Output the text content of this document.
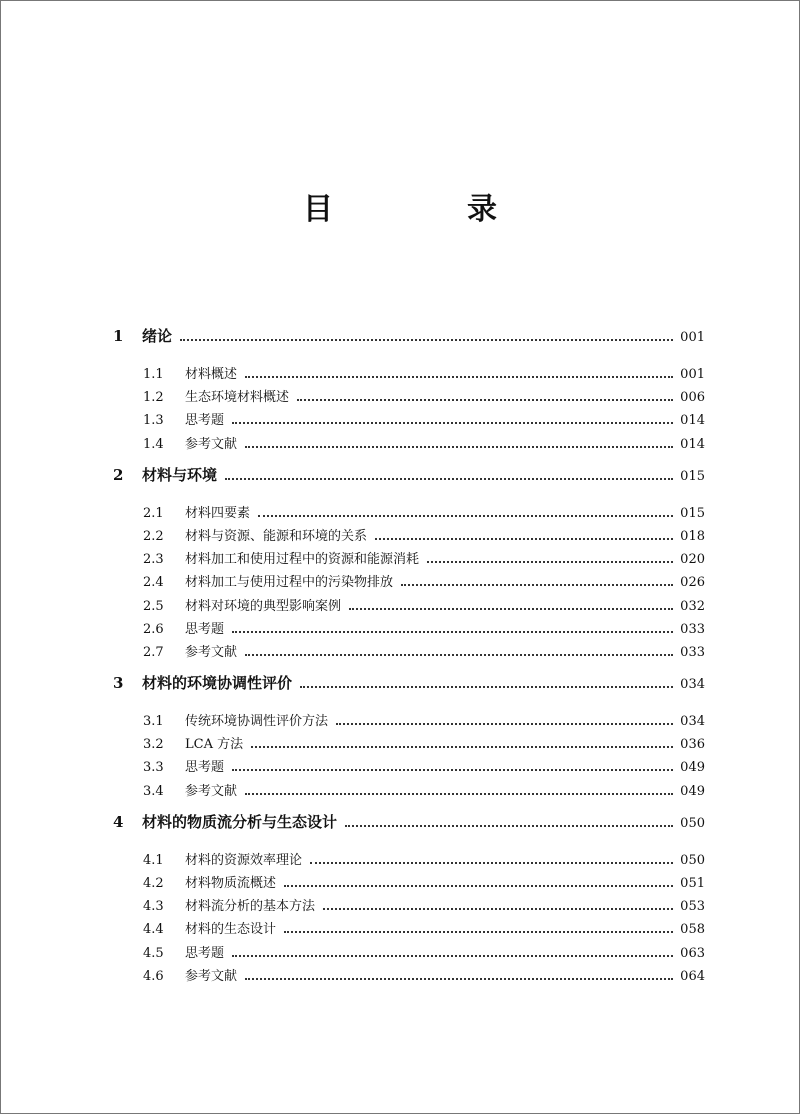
目　录
1	绪论	001
1.1	材料概述	001
1.2	生态环境材料概述	006
1.3	思考题	014
1.4	参考文献	014
2	材料与环境	015
2.1	材料四要素	015
2.2	材料与资源、能源和环境的关系	018
2.3	材料加工和使用过程中的资源和能源消耗	020
2.4	材料加工与使用过程中的污染物排放	026
2.5	材料对环境的典型影响案例	032
2.6	思考题	033
2.7	参考文献	033
3	材料的环境协调性评价	034
3.1	传统环境协调性评价方法	034
3.2	LCA 方法	036
3.3	思考题	049
3.4	参考文献	049
4	材料的物质流分析与生态设计	050
4.1	材料的资源效率理论	050
4.2	材料物质流概述	051
4.3	材料流分析的基本方法	053
4.4	材料的生态设计	058
4.5	思考题	063
4.6	参考文献	064
